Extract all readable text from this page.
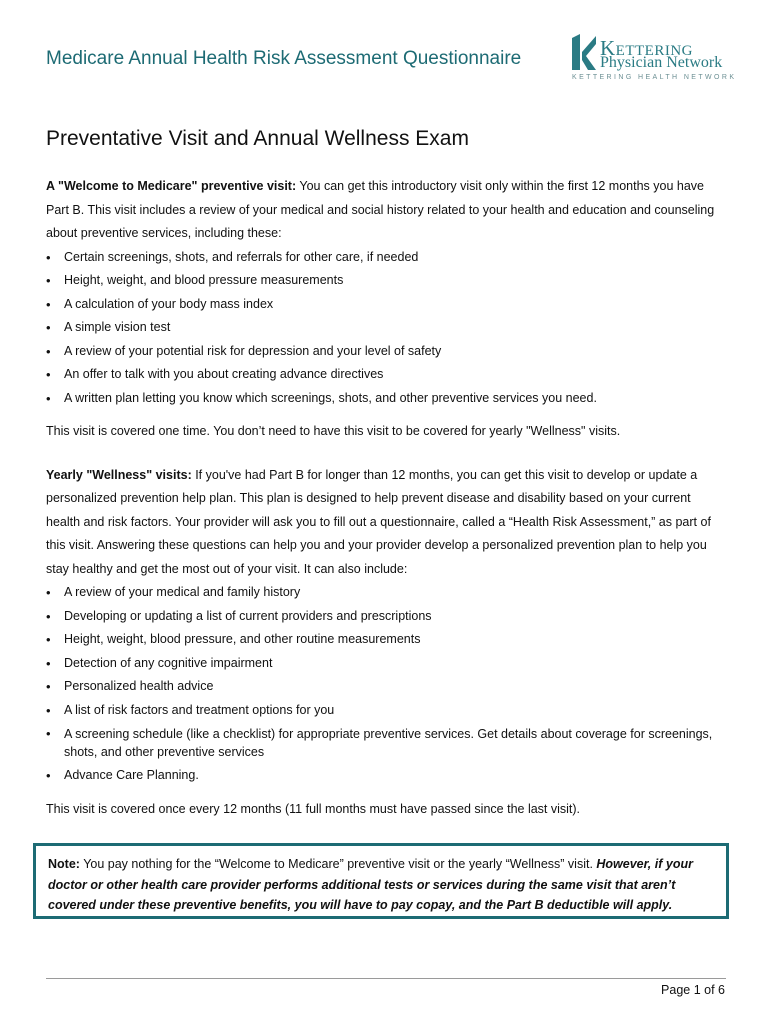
Medicare Annual Health Risk Assessment Questionnaire	Kettering
Physician Network
KETTERING HEALTH NETWORK
Preventative Visit and Annual Wellness Exam

A "Welcome to Medicare" preventive visit: You can get this introductory visit only within the first 12 months you have Part B. This visit includes a review of your medical and social history related to your health and education and counseling about preventive services, including these:

• Certain screenings, shots, and referrals for other care, if needed
• Height, weight, and blood pressure measurements
• A calculation of your body mass index
• A simple vision test
• A review of your potential risk for depression and your level of safety
• An offer to talk with you about creating advance directives
• A written plan letting you know which screenings, shots, and other preventive services you need.

This visit is covered one time. You don’t need to have this visit to be covered for yearly "Wellness" visits.

Yearly "Wellness" visits: If you've had Part B for longer than 12 months, you can get this visit to develop or update a personalized prevention help plan. This plan is designed to help prevent disease and disability based on your current health and risk factors. Your provider will ask you to fill out a questionnaire, called a “Health Risk Assessment,” as part of this visit. Answering these questions can help you and your provider develop a personalized prevention plan to help you stay healthy and get the most out of your visit. It can also include:

• A review of your medical and family history
• Developing or updating a list of current providers and prescriptions
• Height, weight, blood pressure, and other routine measurements
• Detection of any cognitive impairment
• Personalized health advice
• A list of risk factors and treatment options for you
• A screening schedule (like a checklist) for appropriate preventive services. Get details about coverage for screenings, shots, and other preventive services
• Advance Care Planning.

This visit is covered once every 12 months (11 full months must have passed since the last visit).

Note: You pay nothing for the “Welcome to Medicare” preventive visit or the yearly “Wellness” visit. However, if your doctor or other health care provider performs additional tests or services during the same visit that aren’t covered under these preventive benefits, you will have to pay copay, and the Part B deductible will apply.
Page 1 of 6
